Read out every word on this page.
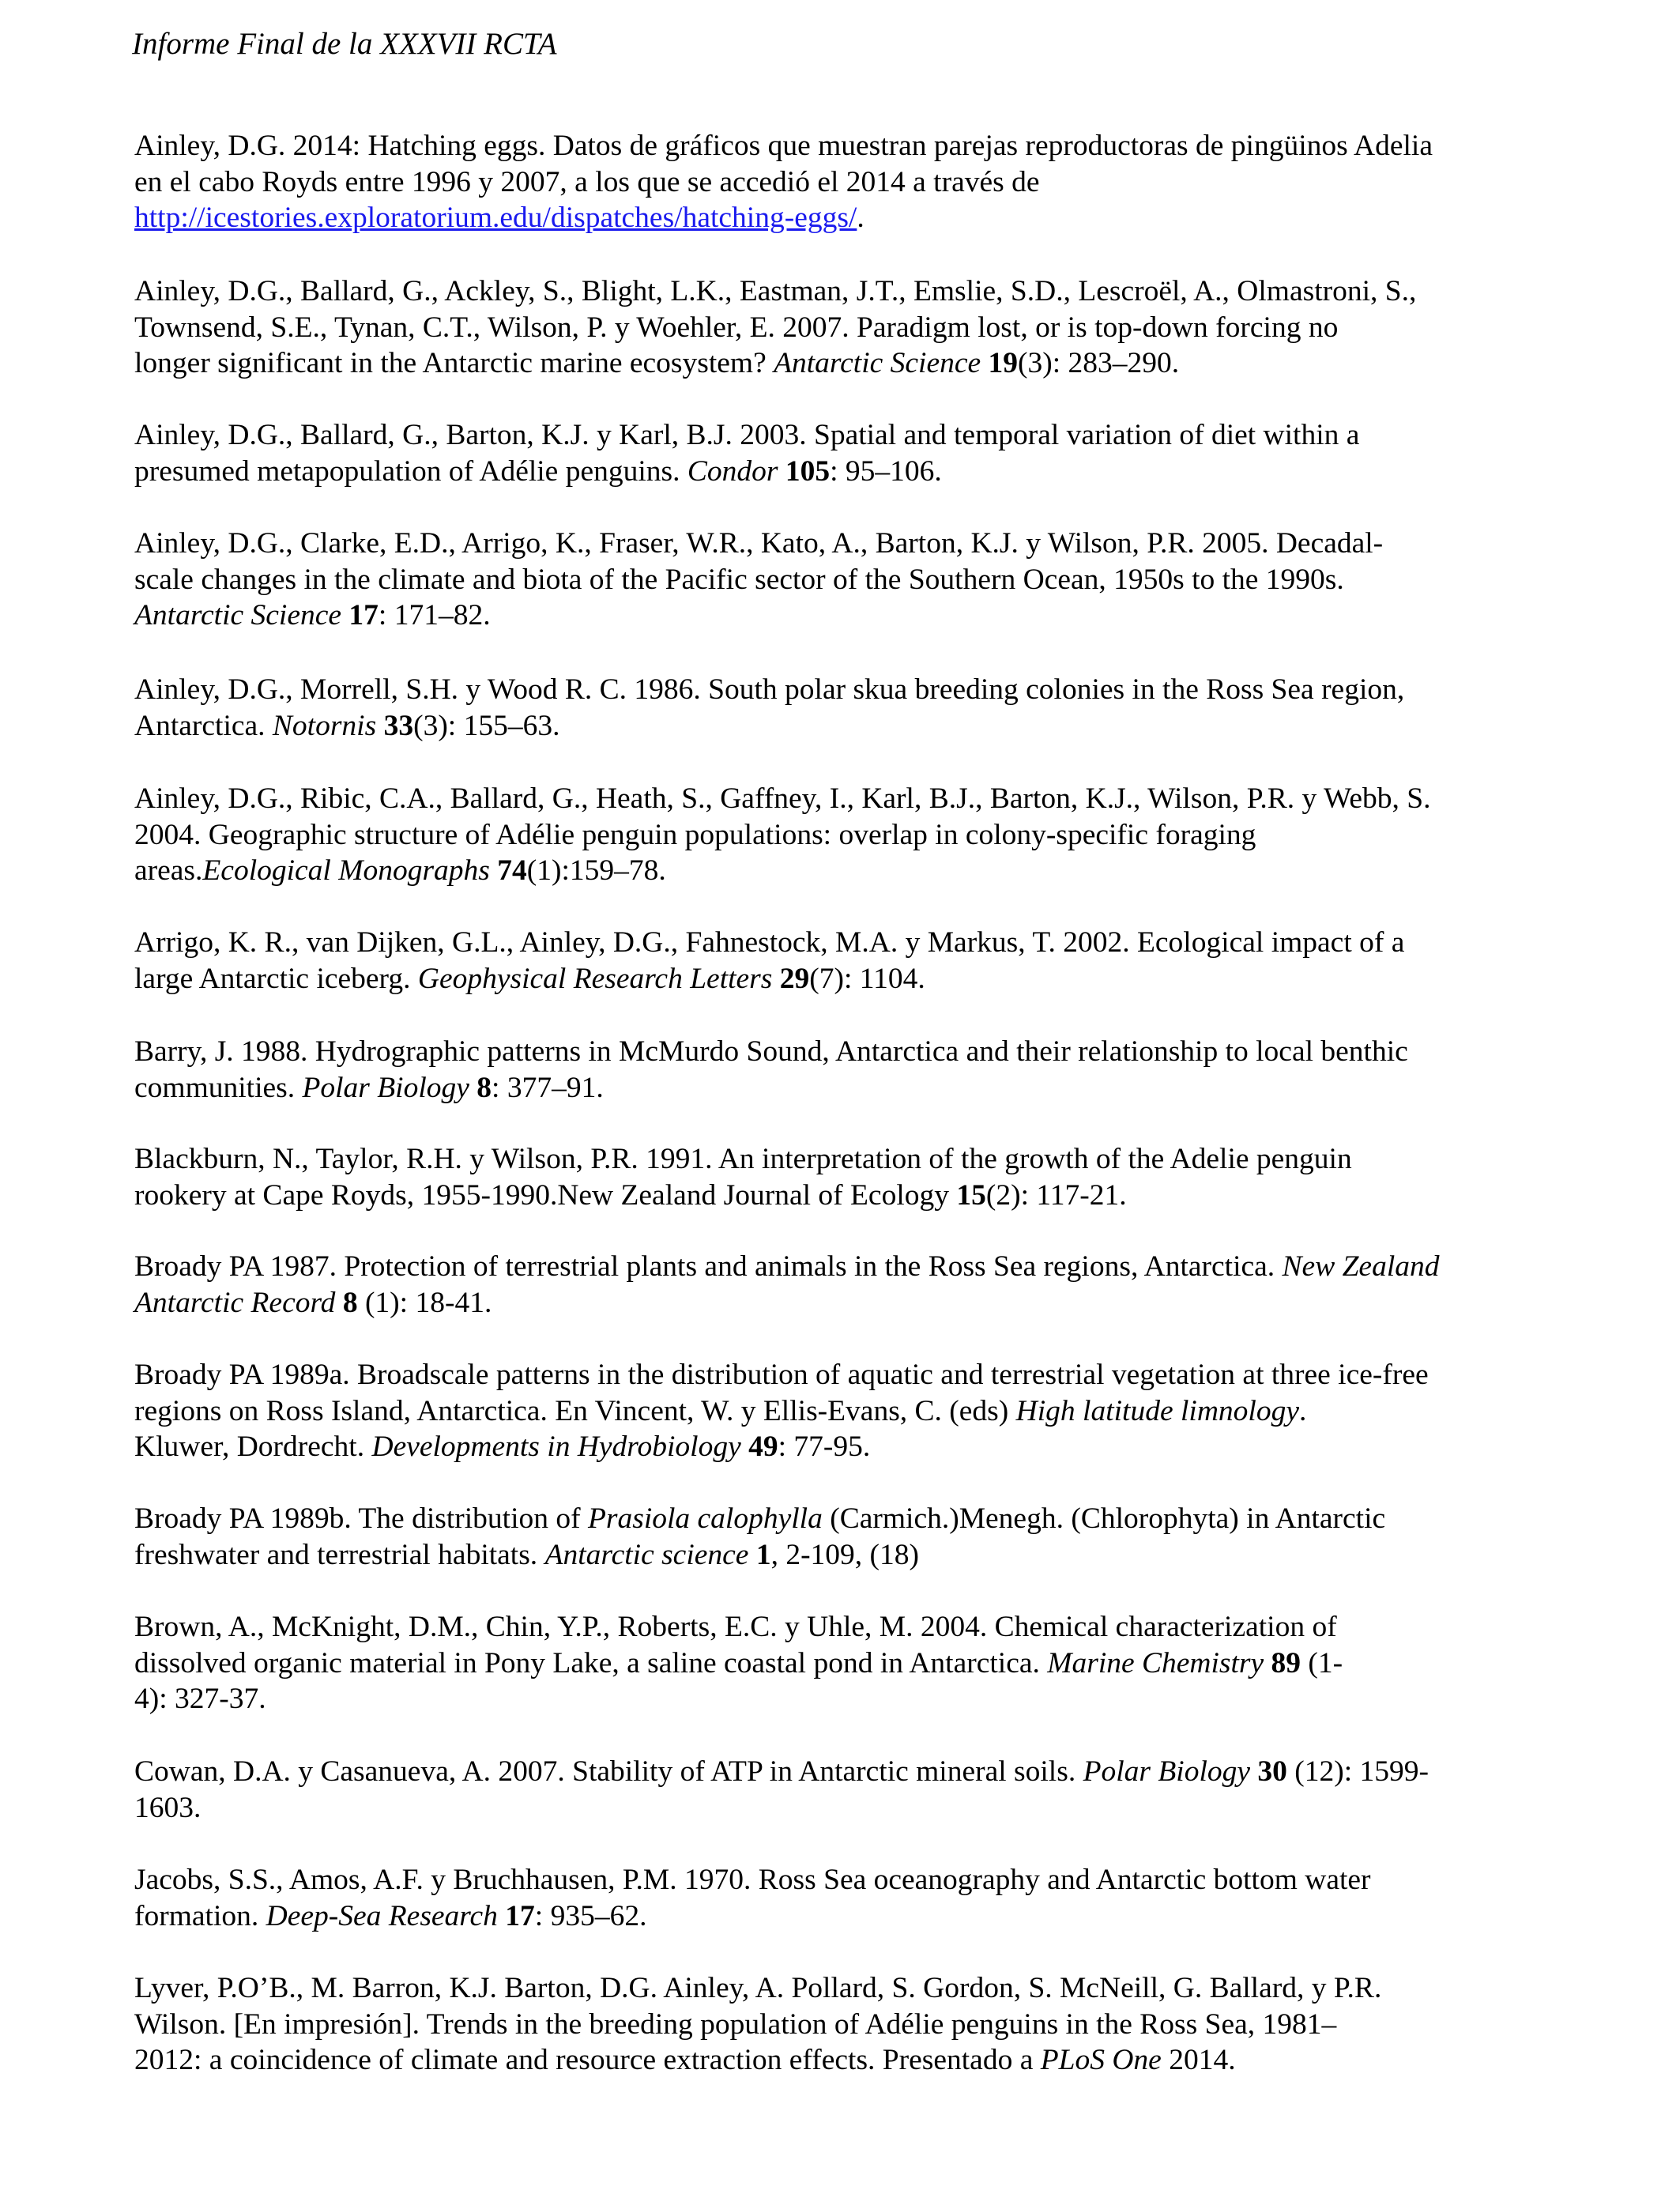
Informe Final de la XXXVII RCTA
Ainley, D.G. 2014: Hatching eggs. Datos de gráficos que muestran parejas reproductoras de pingüinos Adelia
en el cabo Royds entre 1996 y 2007, a los que se accedió el 2014 a través de
http://icestories.exploratorium.edu/dispatches/hatching-eggs/.
Ainley, D.G., Ballard, G., Ackley, S., Blight, L.K., Eastman, J.T., Emslie, S.D., Lescroël, A., Olmastroni, S.,
Townsend, S.E., Tynan, C.T., Wilson, P. y Woehler, E. 2007. Paradigm lost, or is top-down forcing no
longer significant in the Antarctic marine ecosystem? Antarctic Science 19(3): 283–290.
Ainley, D.G., Ballard, G., Barton, K.J. y Karl, B.J. 2003. Spatial and temporal variation of diet within a
presumed metapopulation of Adélie penguins. Condor 105: 95–106.
Ainley, D.G., Clarke, E.D., Arrigo, K., Fraser, W.R., Kato, A., Barton, K.J. y Wilson, P.R. 2005. Decadal-
scale changes in the climate and biota of the Pacific sector of the Southern Ocean, 1950s to the 1990s.
Antarctic Science 17: 171–82.
Ainley, D.G., Morrell, S.H. y Wood R. C. 1986. South polar skua breeding colonies in the Ross Sea region,
Antarctica. Notornis 33(3): 155–63.
Ainley, D.G., Ribic, C.A., Ballard, G., Heath, S., Gaffney, I., Karl, B.J., Barton, K.J., Wilson, P.R. y Webb, S.
2004. Geographic structure of Adélie penguin populations: overlap in colony-specific foraging
areas.Ecological Monographs 74(1):159–78.
Arrigo, K. R., van Dijken, G.L., Ainley, D.G., Fahnestock, M.A. y Markus, T. 2002. Ecological impact of a
large Antarctic iceberg. Geophysical Research Letters 29(7): 1104.
Barry, J. 1988. Hydrographic patterns in McMurdo Sound, Antarctica and their relationship to local benthic
communities. Polar Biology 8: 377–91.
Blackburn, N., Taylor, R.H. y Wilson, P.R. 1991. An interpretation of the growth of the Adelie penguin
rookery at Cape Royds, 1955-1990.New Zealand Journal of Ecology 15(2): 117-21.
Broady PA 1987. Protection of terrestrial plants and animals in the Ross Sea regions, Antarctica. New Zealand
Antarctic Record 8 (1): 18-41.
Broady PA 1989a. Broadscale patterns in the distribution of aquatic and terrestrial vegetation at three ice-free
regions on Ross Island, Antarctica. En Vincent, W. y Ellis-Evans, C. (eds) High latitude limnology.
Kluwer, Dordrecht. Developments in Hydrobiology 49: 77-95.
Broady PA 1989b. The distribution of Prasiola calophylla (Carmich.)Menegh. (Chlorophyta) in Antarctic
freshwater and terrestrial habitats. Antarctic science 1, 2-109, (18)
Brown, A., McKnight, D.M., Chin, Y.P., Roberts, E.C. y Uhle, M. 2004. Chemical characterization of
dissolved organic material in Pony Lake, a saline coastal pond in Antarctica. Marine Chemistry 89 (1-
4): 327-37.
Cowan, D.A. y Casanueva, A. 2007. Stability of ATP in Antarctic mineral soils. Polar Biology 30 (12): 1599-
1603.
Jacobs, S.S., Amos, A.F. y Bruchhausen, P.M. 1970. Ross Sea oceanography and Antarctic bottom water
formation. Deep-Sea Research 17: 935–62.
Lyver, P.O’B., M. Barron, K.J. Barton, D.G. Ainley, A. Pollard, S. Gordon, S. McNeill, G. Ballard, y P.R.
Wilson. [En impresión]. Trends in the breeding population of Adélie penguins in the Ross Sea, 1981–
2012: a coincidence of climate and resource extraction effects. Presentado a PLoS One 2014.
